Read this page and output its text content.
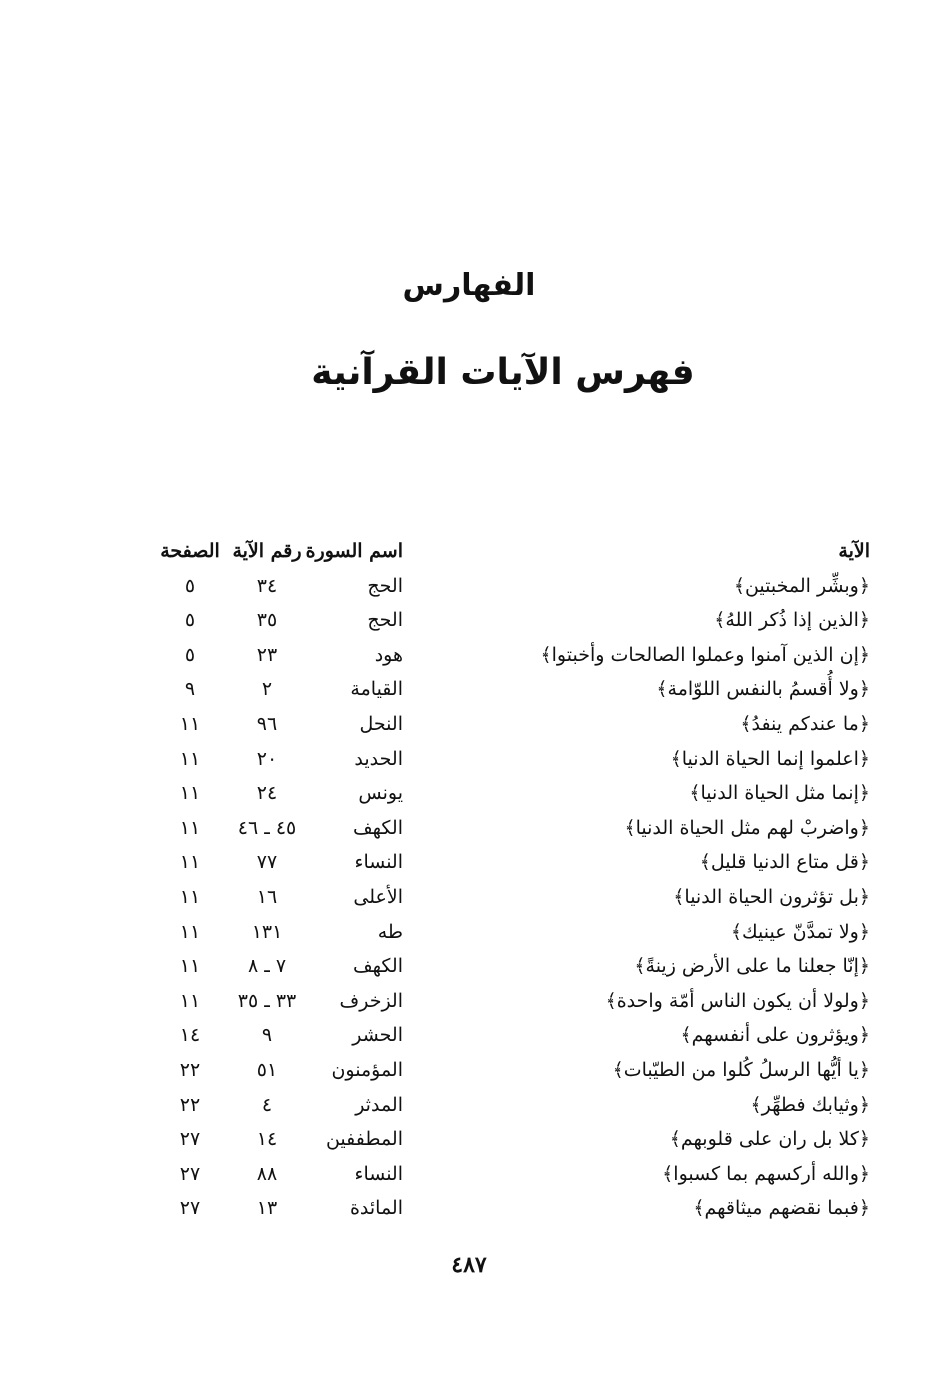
الفهارس
فهرس الآيات القرآنية
الآية
اسم السورة
رقم الآية
الصفحة
﴿وبشِّر المخبتين﴾
الحج
٣٤
٥
﴿الذين إذا ذُكر اللهُ﴾
الحج
٣٥
٥
﴿إن الذين آمنوا وعملوا الصالحات وأخبتوا﴾
هود
٢٣
٥
﴿ولا أُقسمُ بالنفس اللوّامة﴾
القيامة
٢
٩
﴿ما عندكم ينفدُ﴾
النحل
٩٦
١١
﴿اعلموا إنما الحياة الدنيا﴾
الحديد
٢٠
١١
﴿إنما مثل الحياة الدنيا﴾
يونس
٢٤
١١
﴿واضربْ لهم مثل الحياة الدنيا﴾
الكهف
٤٥ ـ ٤٦
١١
﴿قل متاع الدنيا قليل﴾
النساء
٧٧
١١
﴿بل تؤثرون الحياة الدنيا﴾
الأعلى
١٦
١١
﴿ولا تمدَّنّ عينيك﴾
طه
١٣١
١١
﴿إنّا جعلنا ما على الأرض زينةً﴾
الكهف
٧ ـ ٨
١١
﴿ولولا أن يكون الناس أمّة واحدة﴾
الزخرف
٣٣ ـ ٣٥
١١
﴿ويؤثرون على أنفسهم﴾
الحشر
٩
١٤
﴿يا أيُّها الرسلُ كُلوا من الطيّبات﴾
المؤمنون
٥١
٢٢
﴿وثيابك فطهِّر﴾
المدثر
٤
٢٢
﴿كلا بل ران على قلوبهم﴾
المطففين
١٤
٢٧
﴿والله أركسهم بما كسبوا﴾
النساء
٨٨
٢٧
﴿فبما نقضهم ميثاقهم﴾
المائدة
١٣
٢٧
٤٨٧
